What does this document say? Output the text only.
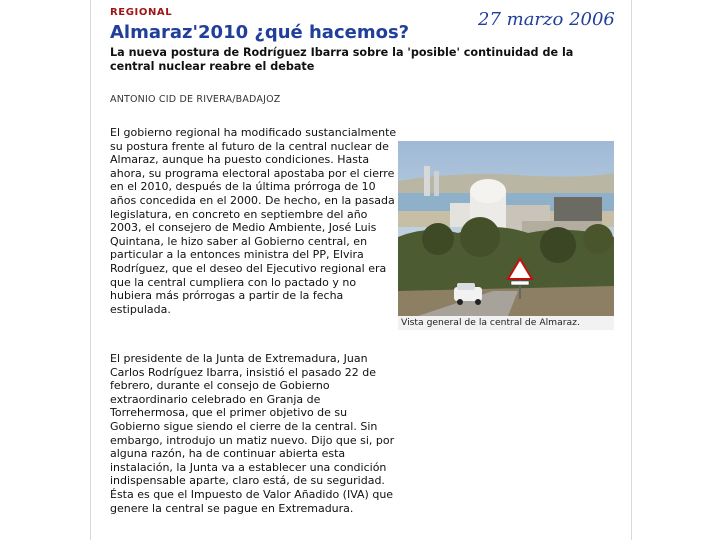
REGIONAL	27 marzo 2006
Almaraz'2010 ¿qué hacemos?
La nueva postura de Rodríguez Ibarra sobre la 'posible' continuidad de la central nuclear reabre el debate
ANTONIO CID DE RIVERA/BADAJOZ

El gobierno regional ha modificado sustancialmente su postura frente al futuro de la central nuclear de Almaraz, aunque ha puesto condiciones. Hasta ahora, su programa electoral apostaba por el cierre en el 2010, después de la última prórroga de 10 años concedida en el 2000. De hecho, en la pasada legislatura, en concreto en septiembre del año 2003, el consejero de Medio Ambiente, José Luis Quintana, le hizo saber al Gobierno central, en particular a la entonces ministra del PP, Elvira Rodríguez, que el deseo del Ejecutivo regional era que la central cumpliera con lo pactado y no hubiera más prórrogas a partir de la fecha estipulada.

El presidente de la Junta de Extremadura, Juan Carlos Rodríguez Ibarra, insistió el pasado 22 de febrero, durante el consejo de Gobierno extraordinario celebrado en Granja de Torrehermosa, que el primer objetivo de su Gobierno sigue siendo el cierre de la central. Sin embargo, introdujo un matiz nuevo. Dijo que si, por alguna razón, ha de continuar abierta esta instalación, la Junta va a establecer una condición indispensable aparte, claro está, de su seguridad. Ésta es que el Impuesto de Valor Añadido (IVA) que genere la central se pague en Extremadura.

Vista general de la central de Almaraz.
